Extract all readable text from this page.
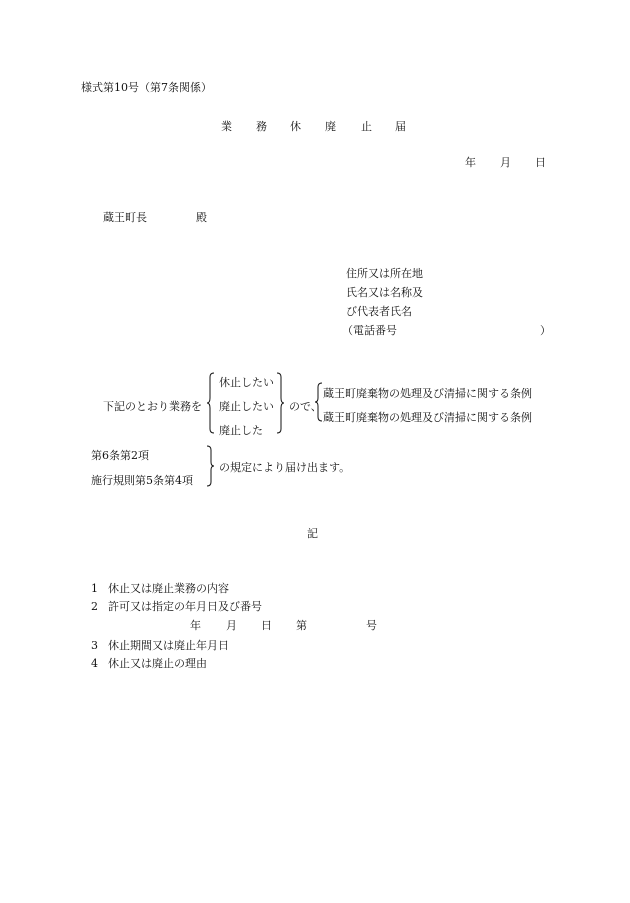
様式第10号（第7条関係）
業 務 休 廃 止 届
年 月 日
蔵王町長	殿
住所又は所在地
氏名又は名称及
び代表者氏名
（電話番号	）
下記のとおり業務を
休止したい
廃止したい
廃止した
ので、
蔵王町廃棄物の処理及び清掃に関する条例
蔵王町廃棄物の処理及び清掃に関する条例
第6条第2項
施行規則第5条第4項
の規定により届け出ます。
記
1 休止又は廃止業務の内容
2 許可又は指定の年月日及び番号
年 月 日 第	号
3 休止期間又は廃止年月日
4 休止又は廃止の理由
